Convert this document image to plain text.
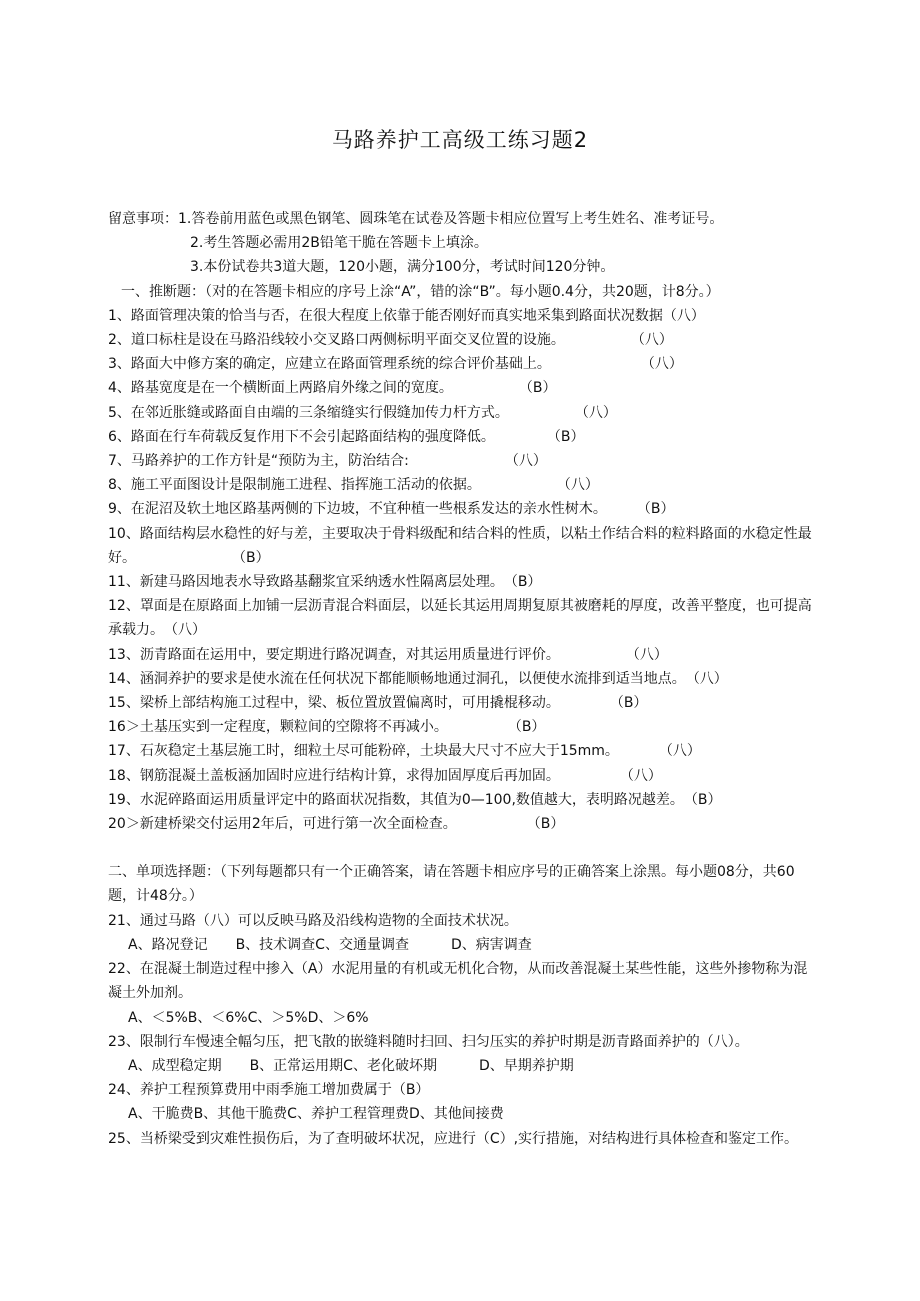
马路养护工高级工练习题2
留意事项：1.答卷前用蓝色或黑色钢笔、圆珠笔在试卷及答题卡相应位置写上考生姓名、准考证号。
2.考生答题必需用2B铅笔干脆在答题卡上填涂。
3.本份试卷共3道大题，120小题，满分100分，考试时间120分钟。
一、推断题：（对的在答题卡相应的序号上涂“A”，错的涂“B”。每小题0.4分，共20题，计8分。）
1、路面管理决策的恰当与否，在很大程度上依靠于能否刚好而真实地采集到路面状况数据（八）
2、道口标柱是设在马路沿线较小交叉路口两侧标明平面交叉位置的设施。	（八）
3、路面大中修方案的确定，应建立在路面管理系统的综合评价基础上。	（八）
4、路基宽度是在一个横断面上两路肩外缘之间的宽度。	（B）
5、在邻近胀缝或路面自由端的三条缩缝实行假缝加传力杆方式。	（八）
6、路面在行车荷载反复作用下不会引起路面结构的强度降低。	（B）
7、马路养护的工作方针是“预防为主，防治结合:	（八）
8、施工平面图设计是限制施工进程、指挥施工活动的依据。	（八）
9、在泥沼及软土地区路基两侧的下边坡，不宜种植一些根系发达的亲水性树木。 （B）
10、路面结构层水稳性的好与差，主要取决于骨料级配和结合料的性质，以粘土作结合料的粒料路面的水稳定性最好。	（B）
11、新建马路因地表水导致路基翻浆宜采纳透水性隔离层处理。（B）
12、罩面是在原路面上加铺一层沥青混合料面层，以延长其运用周期复原其被磨耗的厚度，改善平整度，也可提高承载力。（八）
13、沥青路面在运用中，要定期进行路况调查，对其运用质量进行评价。	（八）
14、涵洞养护的要求是使水流在任何状况下都能顺畅地通过洞孔，以便使水流排到适当地点。（八）
15、梁桥上部结构施工过程中，梁、板位置放置偏离时，可用撬棍移动。	（B）
16＞土基压实到一定程度，颗粒间的空隙将不再减小。	（B）
17、石灰稳定土基层施工时，细粒土尽可能粉碎，土块最大尺寸不应大于15mm。	（八）
18、钢筋混凝土盖板涵加固时应进行结构计算，求得加固厚度后再加固。	（八）
19、水泥碎路面运用质量评定中的路面状况指数，其值为0—100,数值越大，表明路况越差。（B）
20＞新建桥梁交付运用2年后，可进行第一次全面检查。	（B）
二、单项选择题：（下列每题都只有一个正确答案，请在答题卡相应序号的正确答案上涂黑。每小题08分，共60题，计48分。）
21、通过马路（八）可以反映马路及沿线构造物的全面技术状况。
A、路况登记　　B、技术调查C、交通量调查　　　D、病害调查
22、在混凝土制造过程中掺入（A）水泥用量的有机或无机化合物，从而改善混凝土某些性能，这些外掺物称为混凝土外加剂。
A、＜5%B、＜6%C、＞5%D、＞6%
23、限制行车慢速全幅匀压，把飞散的嵌缝料随时扫回、扫匀压实的养护时期是沥青路面养护的（八）。
A、成型稳定期　　B、正常运用期C、老化破坏期　　　D、早期养护期
24、养护工程预算费用中雨季施工增加费属于（B）
A、干脆费B、其他干脆费C、养护工程管理费D、其他间接费
25、当桥梁受到灾难性损伤后，为了查明破坏状况，应进行（C）,实行措施，对结构进行具体检查和鉴定工作。
